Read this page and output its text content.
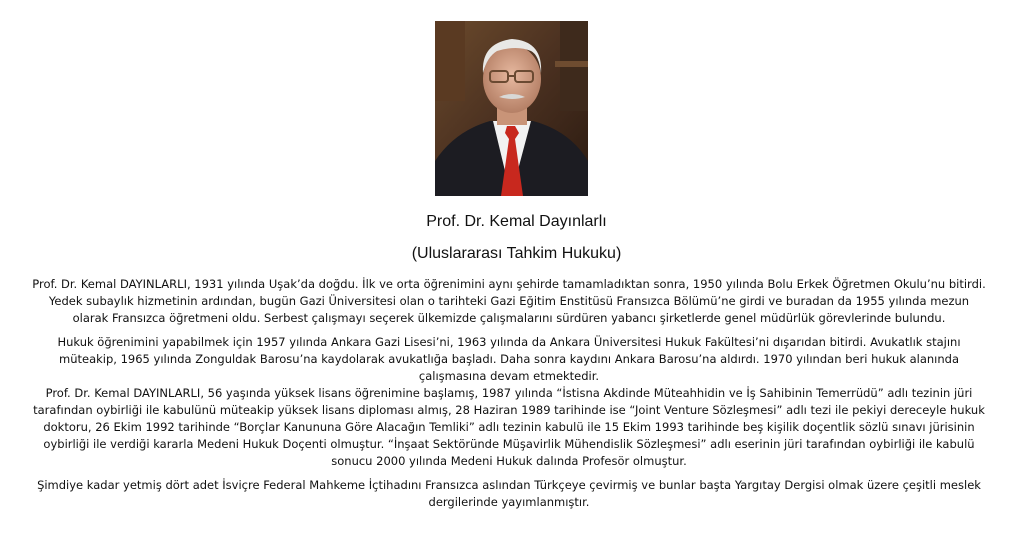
Prof. Dr. Kemal Dayınlarlı
(Uluslararası Tahkim Hukuku)

Prof. Dr. Kemal DAYINLARLI, 1931 yılında Uşak’da doğdu. İlk ve orta öğrenimini aynı şehirde tamamladıktan sonra, 1950 yılında Bolu Erkek Öğretmen Okulu’nu bitirdi. Yedek subaylık hizmetinin ardından, bugün Gazi Üniversitesi olan o tarihteki Gazi Eğitim Enstitüsü Fransızca Bölümü’ne girdi ve buradan da 1955 yılında mezun olarak Fransızca öğretmeni oldu. Serbest çalışmayı seçerek ülkemizde çalışmalarını sürdüren yabancı şirketlerde genel müdürlük görevlerinde bulundu.

Hukuk öğrenimini yapabilmek için 1957 yılında Ankara Gazi Lisesi’ni, 1963 yılında da Ankara Üniversitesi Hukuk Fakültesi’ni dışarıdan bitirdi. Avukatlık stajını müteakip, 1965 yılında Zonguldak Barosu’na kaydolarak avukatlığa başladı. Daha sonra kaydını Ankara Barosu’na aldırdı. 1970 yılından beri hukuk alanında çalışmasına devam etmektedir.

Prof. Dr. Kemal DAYINLARLI, 56 yaşında yüksek lisans öğrenimine başlamış, 1987 yılında “İstisna Akdinde Müteahhidin ve İş Sahibinin Temerrüdü” adlı tezinin jüri tarafından oybirliği ile kabulünü müteakip yüksek lisans diploması almış, 28 Haziran 1989 tarihinde ise “Joint Venture Sözleşmesi” adlı tezi ile pekiyi dereceyle hukuk doktoru, 26 Ekim 1992 tarihinde “Borçlar Kanununa Göre Alacağın Temliki” adlı tezinin kabulü ile 15 Ekim 1993 tarihinde beş kişilik doçentlik sözlü sınavı jürisinin oybirliği ile verdiği kararla Medeni Hukuk Doçenti olmuştur. “İnşaat Sektöründe Müşavirlik Mühendislik Sözleşmesi” adlı eserinin jüri tarafından oybirliği ile kabulü sonucu 2000 yılında Medeni Hukuk dalında Profesör olmuştur.

Şimdiye kadar yetmiş dört adet İsviçre Federal Mahkeme İçtihadını Fransızca aslından Türkçeye çevirmiş ve bunlar başta Yargıtay Dergisi olmak üzere çeşitli meslek dergilerinde yayımlanmıştır.
